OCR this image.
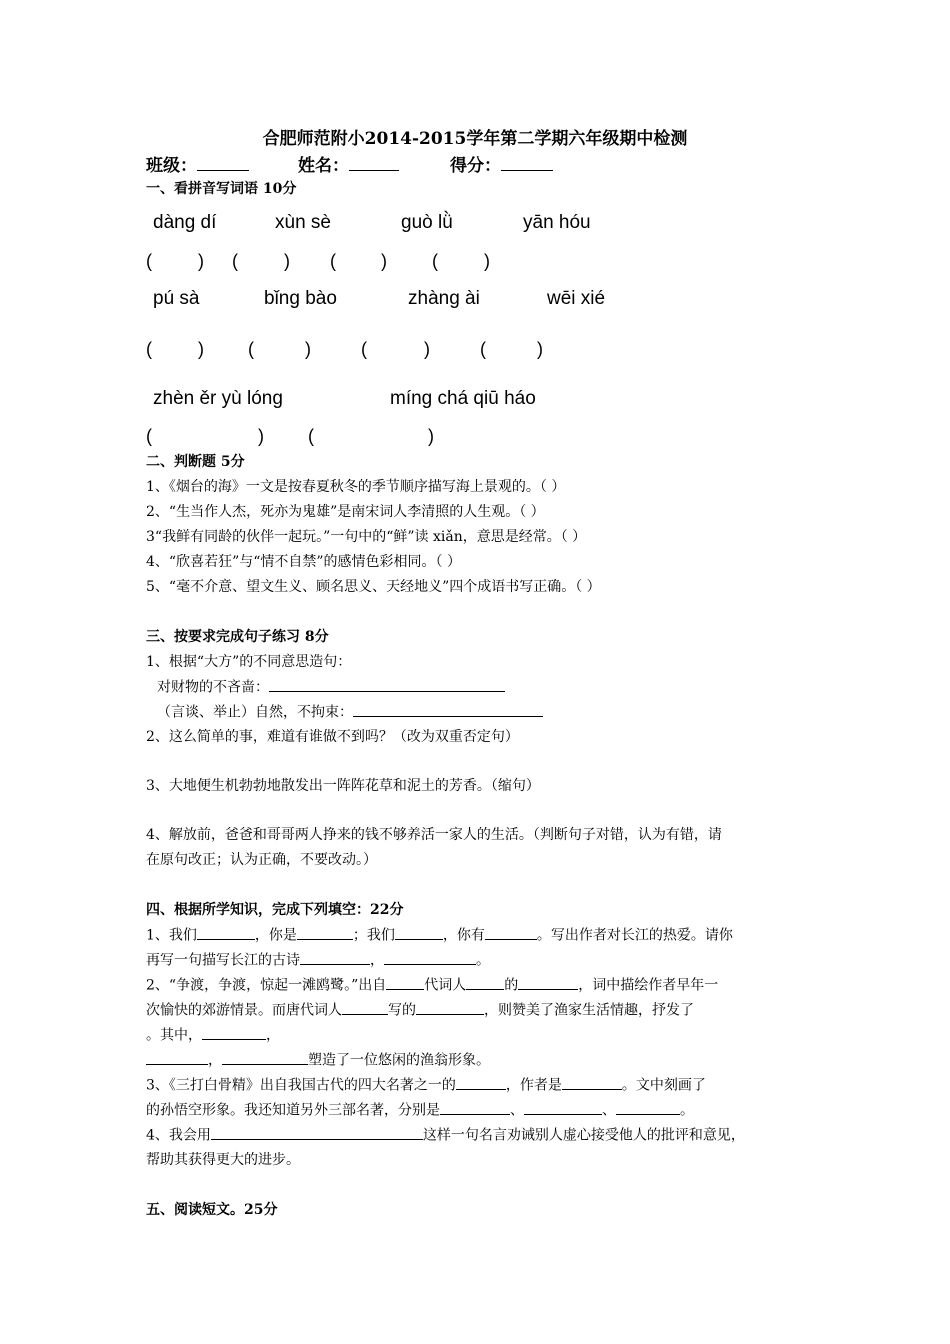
合肥师范附小2014-2015学年第二学期六年级期中检测
班级：	姓名：	得分：
一、看拼音写词语 10分
dàng dí	xùn sè	guò lǜ	yān hóu
(	) (	) (	)	(	)
pú sà	bǐng bào	zhàng ài	wēi xié
(	) (	)	(	)	(	)
zhèn ěr yù lóng	míng chá qiū háo
(	) (	)
二、判断题 5分
1、《烟台的海》一文是按春夏秋冬的季节顺序描写海上景观的。（ ）
2、“生当作人杰，死亦为鬼雄”是南宋词人李清照的人生观。（ ）
3“我鲜有同龄的伙伴一起玩。”一句中的“鲜”读 xiǎn，意思是经常。（ ）
4、“欣喜若狂”与“情不自禁”的感情色彩相同。（ ）
5、“毫不介意、望文生义、顾名思义、天经地义”四个成语书写正确。（ ）
三、按要求完成句子练习 8分
1、根据“大方”的不同意思造句：
对财物的不吝啬：
（言谈、举止）自然，不拘束：
2、这么简单的事，难道有谁做不到吗？（改为双重否定句）
3、大地便生机勃勃地散发出一阵阵花草和泥土的芳香。（缩句）
4、解放前，爸爸和哥哥两人挣来的钱不够养活一家人的生活。（判断句子对错，认为有错，请
在原句改正；认为正确，不要改动。）
四、根据所学知识，完成下列填空：22分
1、我们	，你是	；我们	，你有	。写出作者对长江的热爱。请你
再写一句描写长江的古诗	，	。
2、“争渡，争渡，惊起一滩鸥鹭。”出自	代词人	的	，词中描绘作者早年一
次愉快的郊游情景。而唐代词人	写的	，则赞美了渔家生活情趣，抒发了
。其中，	，
，	塑造了一位悠闲的渔翁形象。
3、《三打白骨精》出自我国古代的四大名著之一的	，作者是	。文中刻画了
的孙悟空形象。我还知道另外三部名著，分别是	、	、	。
4、我会用	这样一句名言劝诫别人虚心接受他人的批评和意见，
帮助其获得更大的进步。
五、阅读短文。25分
